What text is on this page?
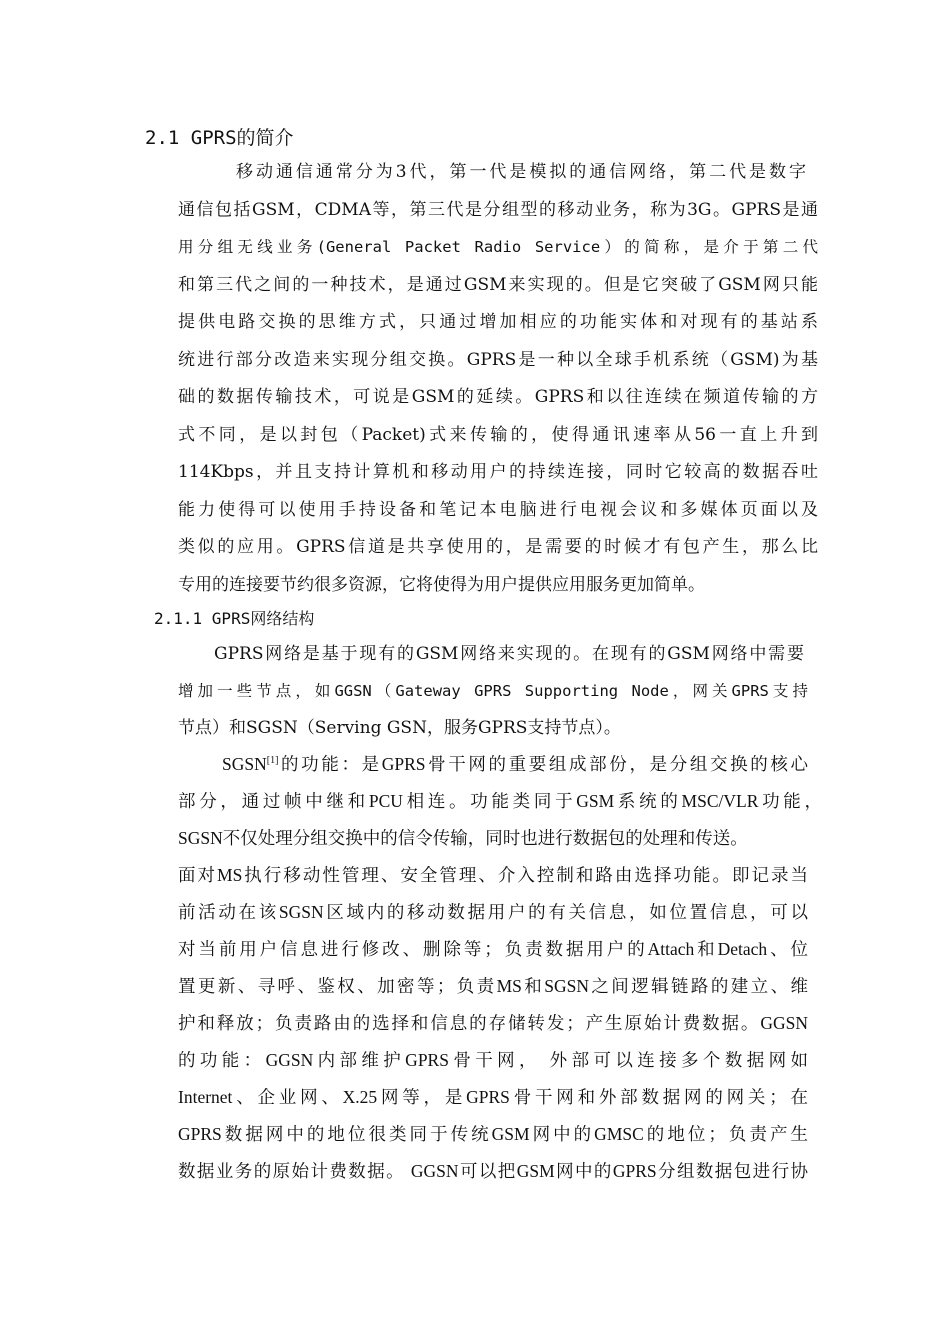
2.1 GPRS的简介
移动通信通常分为3代，第一代是模拟的通信网络，第二代是数字
通信包括GSM，CDMA等，第三代是分组型的移动业务，称为3G。GPRS是通
用分组无线业务(General Packet Radio Service）的简称，是介于第二代
和第三代之间的一种技术，是通过GSM来实现的。但是它突破了GSM网只能
提供电路交换的思维方式，只通过增加相应的功能实体和对现有的基站系
统进行部分改造来实现分组交换。GPRS是一种以全球手机系统（GSM)为基
础的数据传输技术，可说是GSM的延续。GPRS和以往连续在频道传输的方
式不同，是以封包（Packet)式来传输的，使得通讯速率从56一直上升到
114Kbps，并且支持计算机和移动用户的持续连接，同时它较高的数据吞吐
能力使得可以使用手持设备和笔记本电脑进行电视会议和多媒体页面以及
类似的应用。GPRS信道是共享使用的，是需要的时候才有包产生，那么比
专用的连接要节约很多资源，它将使得为用户提供应用服务更加简单。
2.1.1 GPRS网络结构
GPRS网络是基于现有的GSM网络来实现的。在现有的GSM网络中需要
增加一些节点，如GGSN（Gateway GPRS Supporting Node，网关GPRS支持
节点）和SGSN（Serving GSN，服务GPRS支持节点）。
SGSN[1]的功能：是GPRS骨干网的重要组成部份，是分组交换的核心
部分，通过帧中继和PCU相连。功能类同于GSM系统的MSC/VLR功能，
SGSN不仅处理分组交换中的信令传输，同时也进行数据包的处理和传送。
面对MS执行移动性管理、安全管理、介入控制和路由选择功能。即记录当
前活动在该SGSN区域内的移动数据用户的有关信息，如位置信息，可以
对当前用户信息进行修改、删除等；负责数据用户的Attach和Detach、位
置更新、寻呼、鉴权、加密等；负责MS和SGSN之间逻辑链路的建立、维
护和释放；负责路由的选择和信息的存储转发；产生原始计费数据。GGSN
的功能：GGSN内部维护GPRS骨干网， 外部可以连接多个数据网如
Internet、企业网、X.25网等，是GPRS骨干网和外部数据网的网关；在
GPRS数据网中的地位很类同于传统GSM网中的GMSC的地位；负责产生
数据业务的原始计费数据。 GGSN可以把GSM网中的GPRS分组数据包进行协
